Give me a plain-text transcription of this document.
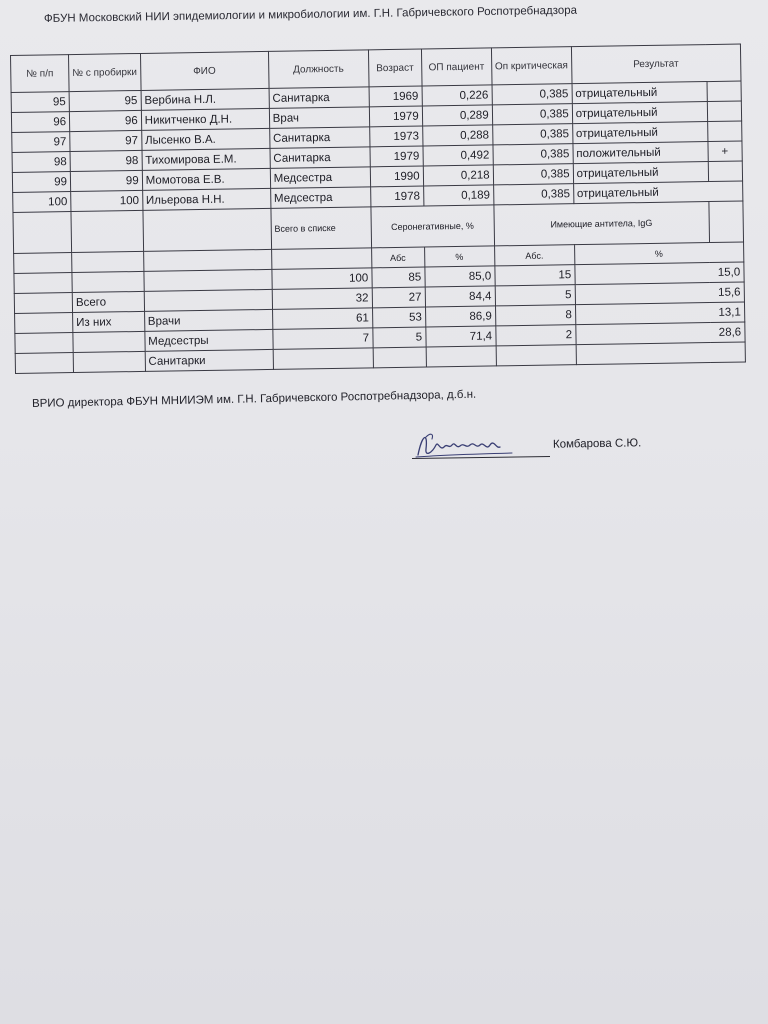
ФБУН Московский НИИ эпидемиологии и микробиологии им. Г.Н. Габричевского Роспотребнадзора
№ п/п	№ с пробирки	ФИО	Должность	Возраст	ОП пациент	Оп критическая	Результат	
95	95	Вербина Н.Л.	Санитарка	1969	0,226	0,385	отрицательный	
96	96	Никитченко Д.Н.	Врач	1979	0,289	0,385	отрицательный	
97	97	Лысенко В.А.	Санитарка	1973	0,288	0,385	отрицательный	
98	98	Тихомирова Е.М.	Санитарка	1979	0,492	0,385	положительный	+
99	99	Момотова Е.В.	Медсестра	1990	0,218	0,385	отрицательный	
100	100	Ильерова Н.Н.	Медсестра	1978	0,189	0,385	отрицательный	
			Всего в списке	Серонегативные, %		Имеющие антитела, IgG		
				Абс	%	Абс.	%	
			100	85	85,0	15	15,0	
	Всего		32	27	84,4	5	15,6	
	Из них	Врачи	61	53	86,9	8	13,1	
		Медсестры	7	5	71,4	2	28,6	
		Санитарки						
ВРИО директора ФБУН МНИИЭМ им. Г.Н. Габричевского Роспотребнадзора, д.б.н.
Комбарова С.Ю.
